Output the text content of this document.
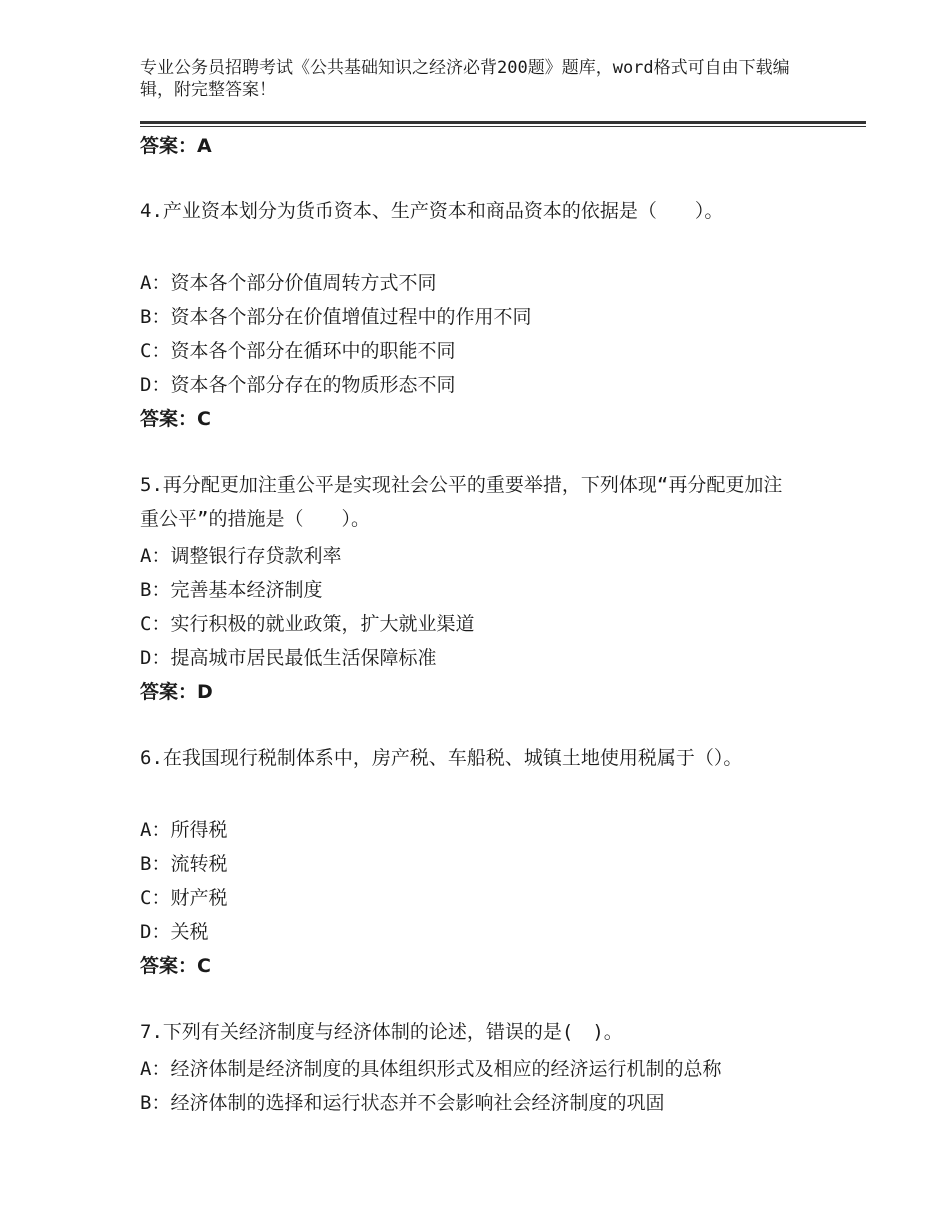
专业公务员招聘考试《公共基础知识之经济必背200题》题库，word格式可自由下载编辑，附完整答案！
答案：A
4.产业资本划分为货币资本、生产资本和商品资本的依据是（　　）。
A：资本各个部分价值周转方式不同
B：资本各个部分在价值增值过程中的作用不同
C：资本各个部分在循环中的职能不同
D：资本各个部分存在的物质形态不同
答案：C
5.再分配更加注重公平是实现社会公平的重要举措，下列体现“再分配更加注重公平”的措施是（　　）。
A：调整银行存贷款利率
B：完善基本经济制度
C：实行积极的就业政策，扩大就业渠道
D：提高城市居民最低生活保障标准
答案：D
6.在我国现行税制体系中，房产税、车船税、城镇土地使用税属于（）。
A：所得税
B：流转税
C：财产税
D：关税
答案：C
7.下列有关经济制度与经济体制的论述，错误的是(　)。
A：经济体制是经济制度的具体组织形式及相应的经济运行机制的总称
B：经济体制的选择和运行状态并不会影响社会经济制度的巩固
